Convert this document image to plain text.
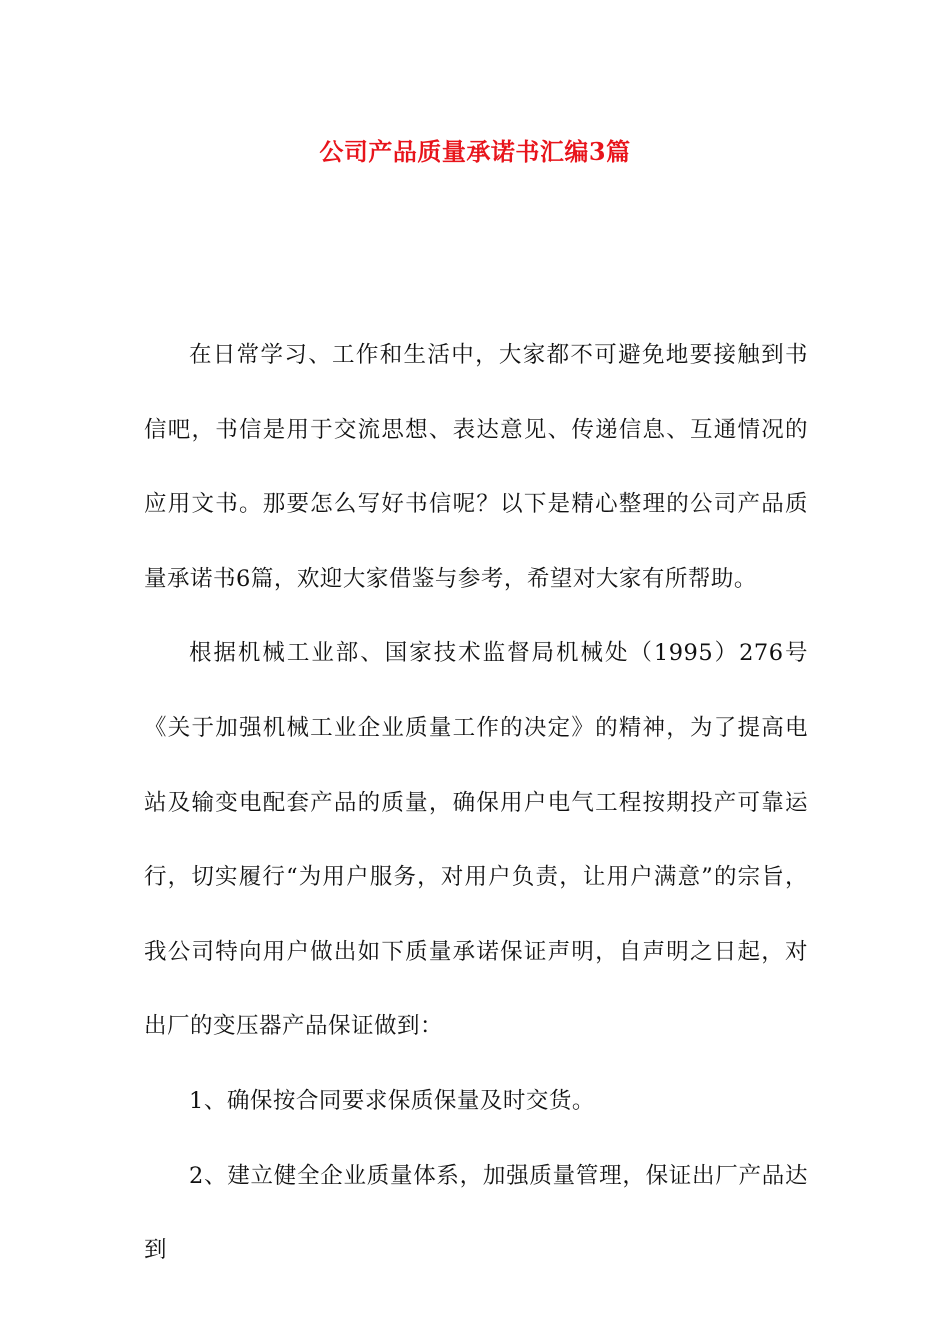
公司产品质量承诺书汇编3篇

在日常学习、工作和生活中，大家都不可避免地要接触到书信吧，书信是用于交流思想、表达意见、传递信息、互通情况的应用文书。那要怎么写好书信呢？以下是精心整理的公司产品质量承诺书6篇，欢迎大家借鉴与参考，希望对大家有所帮助。

根据机械工业部、国家技术监督局机械处（1995）276号《关于加强机械工业企业质量工作的决定》的精神，为了提高电站及输变电配套产品的质量，确保用户电气工程按期投产可靠运行，切实履行“为用户服务，对用户负责，让用户满意”的宗旨，我公司特向用户做出如下质量承诺保证声明，自声明之日起，对出厂的变压器产品保证做到：

1、确保按合同要求保质保量及时交货。

2、建立健全企业质量体系，加强质量管理，保证出厂产品达到
